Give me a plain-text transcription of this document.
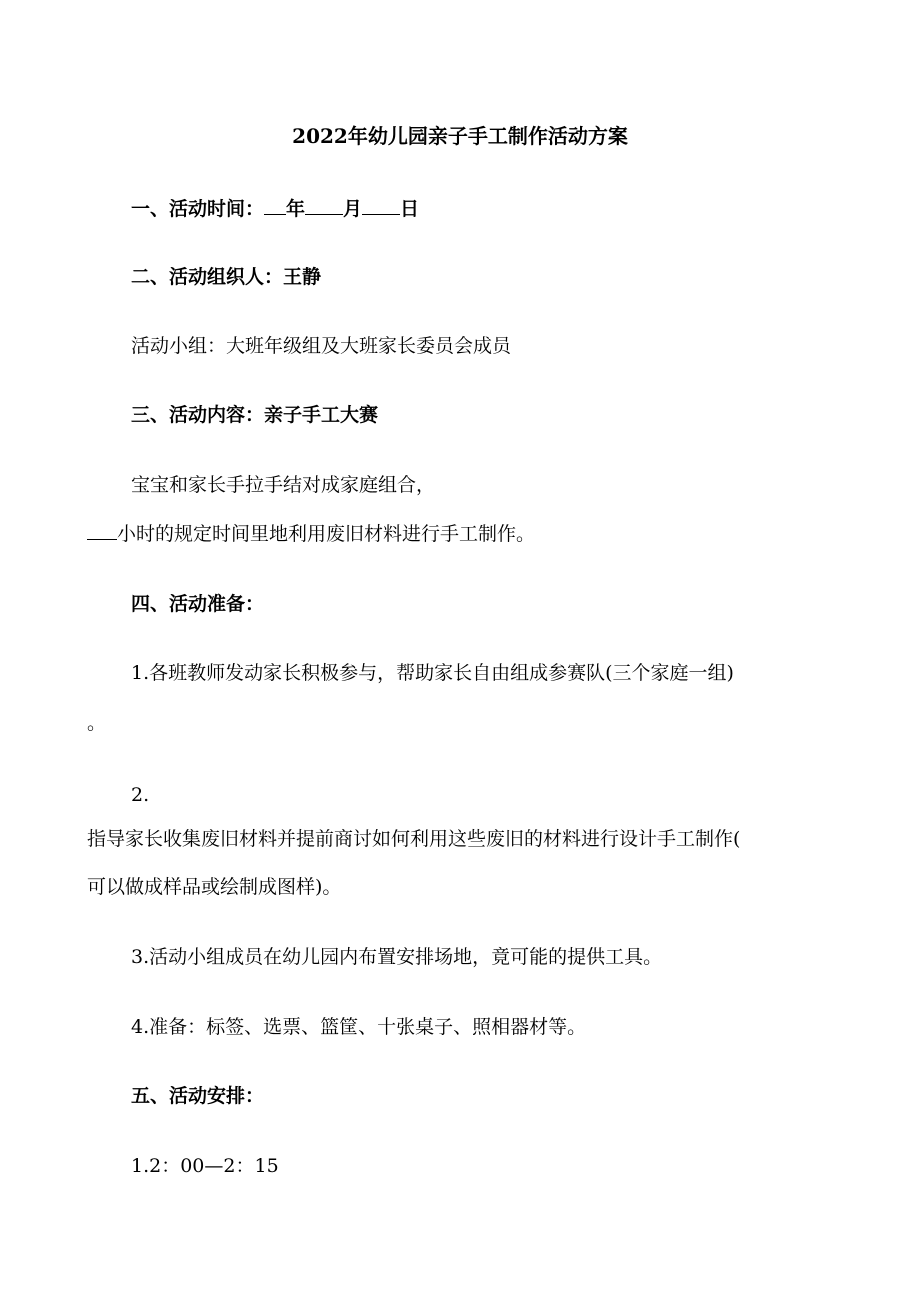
2022年幼儿园亲子手工制作活动方案
一、活动时间： 年 月 日
二、活动组织人：王静
活动小组：大班年级组及大班家长委员会成员
三、活动内容：亲子手工大赛
宝宝和家长手拉手结对成家庭组合，
小时的规定时间里地利用废旧材料进行手工制作。
四、活动准备：
1.各班教师发动家长积极参与，帮助家长自由组成参赛队(三个家庭一组)
。
2.
指导家长收集废旧材料并提前商讨如何利用这些废旧的材料进行设计手工制作(
可以做成样品或绘制成图样)。
3.活动小组成员在幼儿园内布置安排场地，竟可能的提供工具。
4.准备：标签、选票、篮筐、十张桌子、照相器材等。
五、活动安排：
1.2：00—2：15
